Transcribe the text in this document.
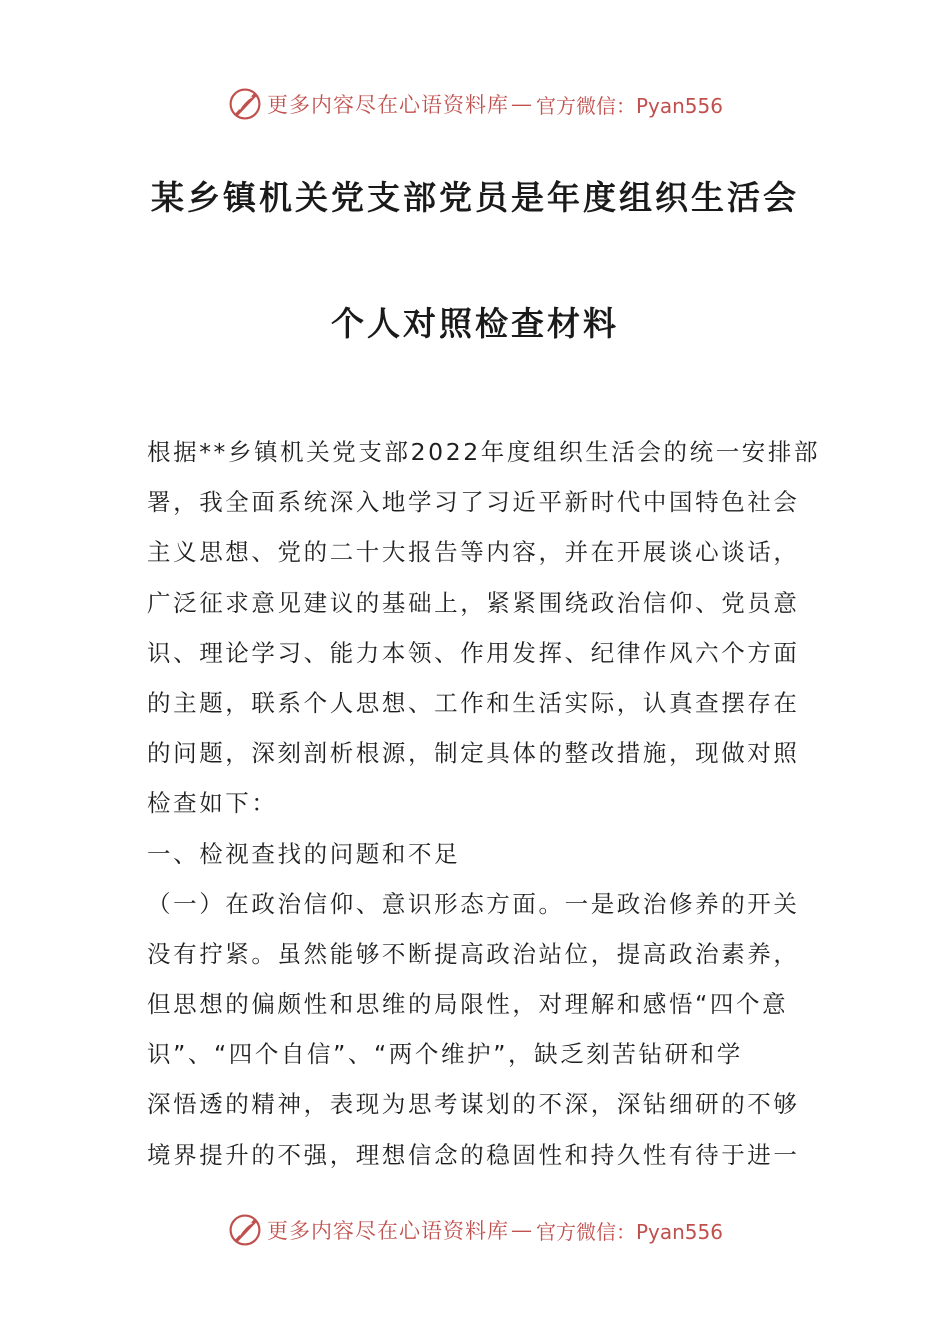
更多内容尽在心语资料库 — 官方微信：Pyan556
某乡镇机关党支部党员是年度组织生活会
个人对照检查材料
根据**乡镇机关党支部2022年度组织生活会的统一安排部
署，我全面系统深入地学习了习近平新时代中国特色社会
主义思想、党的二十大报告等内容，并在开展谈心谈话，
广泛征求意见建议的基础上，紧紧围绕政治信仰、党员意
识、理论学习、能力本领、作用发挥、纪律作风六个方面
的主题，联系个人思想、工作和生活实际，认真查摆存在
的问题，深刻剖析根源，制定具体的整改措施，现做对照
检查如下：
一、检视查找的问题和不足
（一）在政治信仰、意识形态方面。一是政治修养的开关
没有拧紧。虽然能够不断提高政治站位，提高政治素养，
但思想的偏颇性和思维的局限性，对理解和感悟“四个意
识”、“四个自信”、“两个维护”，缺乏刻苦钻研和学
深悟透的精神，表现为思考谋划的不深，深钻细研的不够
境界提升的不强，理想信念的稳固性和持久性有待于进一
更多内容尽在心语资料库 — 官方微信：Pyan556
